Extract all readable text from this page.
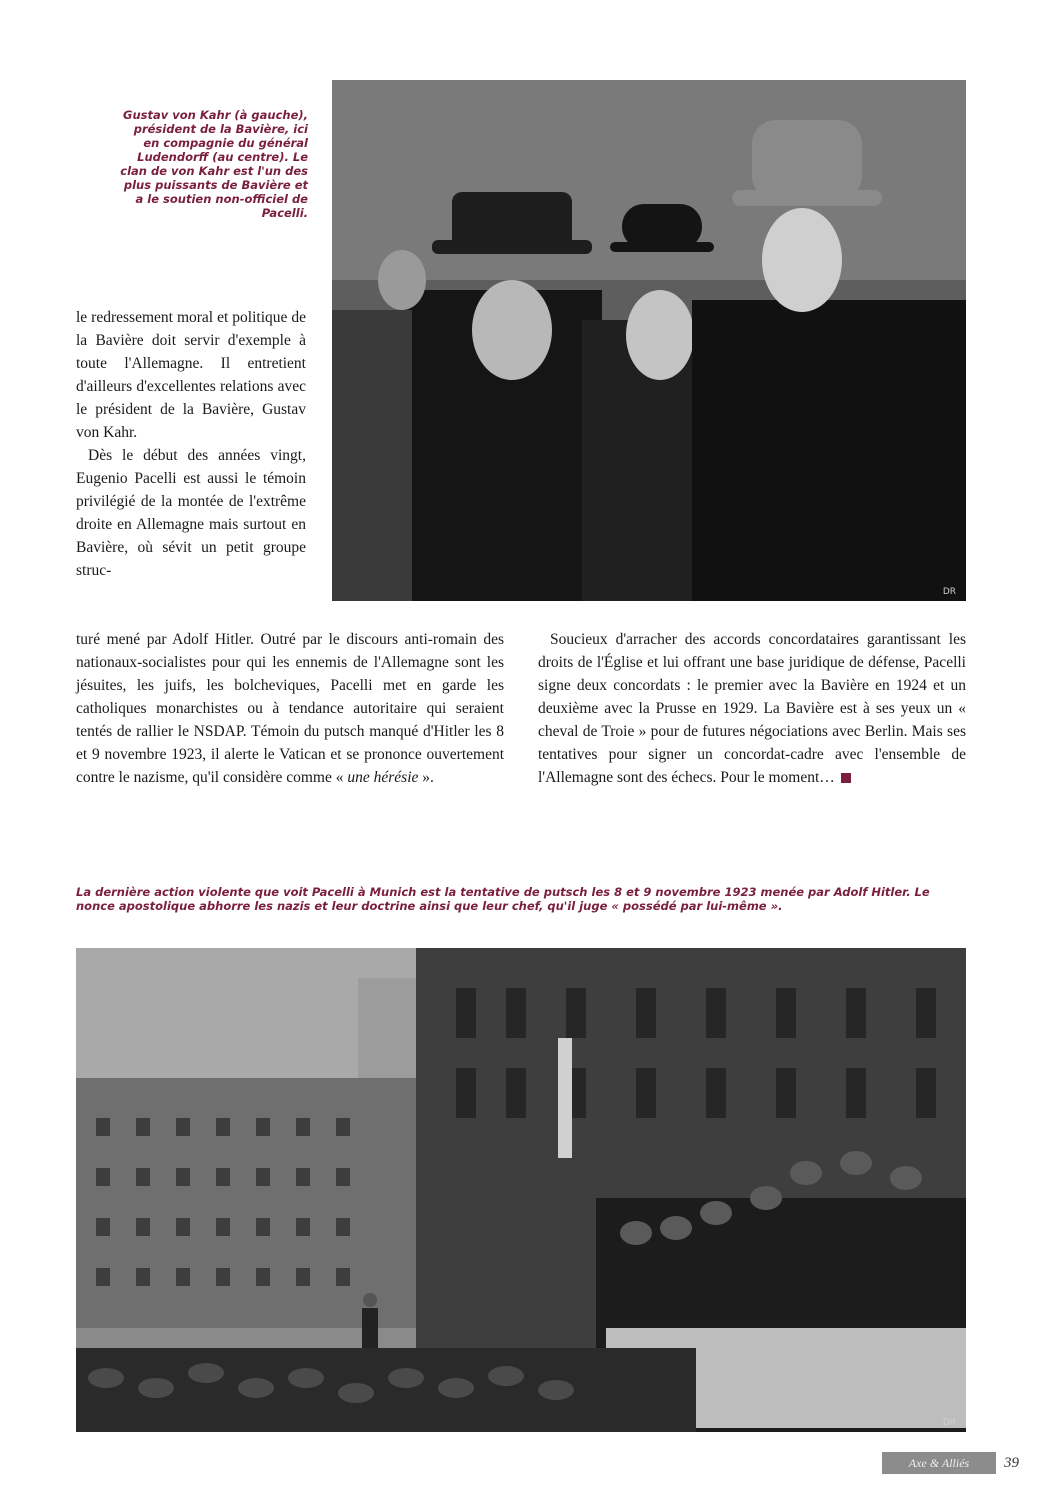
Gustav von Kahr (à gauche), président de la Bavière, ici en compagnie du général Ludendorff (au centre). Le clan de von Kahr est l'un des plus puissants de Bavière et a le soutien non-officiel de Pacelli.
DR

le redressement moral et politique de la Bavière doit servir d'exemple à toute l'Allemagne. Il entretient d'ailleurs d'excellentes relations avec le président de la Bavière, Gustav von Kahr.

Dès le début des années vingt, Eugenio Pacelli est aussi le témoin privilégié de la montée de l'extrême droite en Allemagne mais surtout en Bavière, où sévit un petit groupe struc-

turé mené par Adolf Hitler. Outré par le discours anti-romain des nationaux-socialistes pour qui les ennemis de l'Allemagne sont les jésuites, les juifs, les bolcheviques, Pacelli met en garde les catholiques monarchistes ou à tendance autoritaire qui seraient tentés de rallier le NSDAP. Témoin du putsch manqué d'Hitler les 8 et 9 novembre 1923, il alerte le Vatican et se prononce ouvertement contre le nazisme, qu'il considère comme « une hérésie ».

Soucieux d'arracher des accords concordataires garantissant les droits de l'Église et lui offrant une base juridique de défense, Pacelli signe deux concordats : le premier avec la Bavière en 1924 et un deuxième avec la Prusse en 1929. La Bavière est à ses yeux un « cheval de Troie » pour de futures négociations avec Berlin. Mais ses tentatives pour signer un concordat-cadre avec l'ensemble de l'Allemagne sont des échecs. Pour le moment…

La dernière action violente que voit Pacelli à Munich est la tentative de putsch les 8 et 9 novembre 1923 menée par Adolf Hitler. Le nonce apostolique abhorre les nazis et leur doctrine ainsi que leur chef, qu'il juge « possédé par lui-même ».
DR
Axe & Alliés	39
